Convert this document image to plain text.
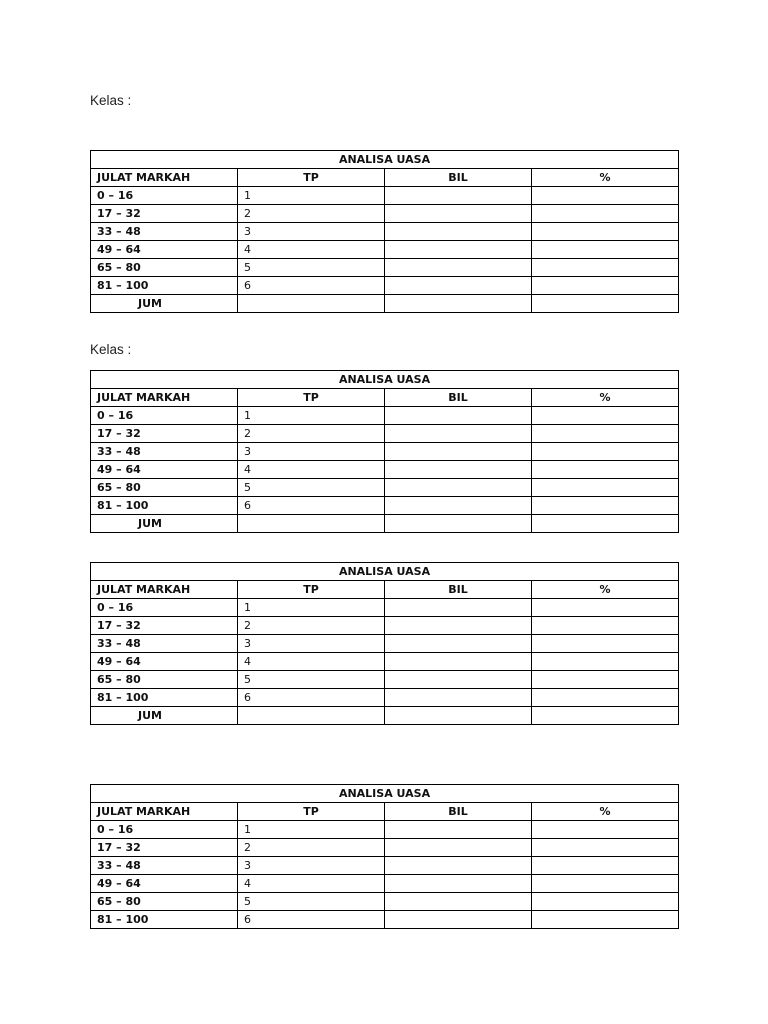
Kelas :
Kelas :
ANALISA UASA			
JULAT MARKAH	TP	BIL	%
0 – 16	1		
17 – 32	2		
33 – 48	3		
49 – 64	4		
65 – 80	5		
81 – 100	6		
JUM			
ANALISA UASA			
JULAT MARKAH	TP	BIL	%
0 – 16	1		
17 – 32	2		
33 – 48	3		
49 – 64	4		
65 – 80	5		
81 – 100	6		
JUM			
ANALISA UASA			
JULAT MARKAH	TP	BIL	%
0 – 16	1		
17 – 32	2		
33 – 48	3		
49 – 64	4		
65 – 80	5		
81 – 100	6		
JUM			
ANALISA UASA			
JULAT MARKAH	TP	BIL	%
0 – 16	1		
17 – 32	2		
33 – 48	3		
49 – 64	4		
65 – 80	5		
81 – 100	6		
